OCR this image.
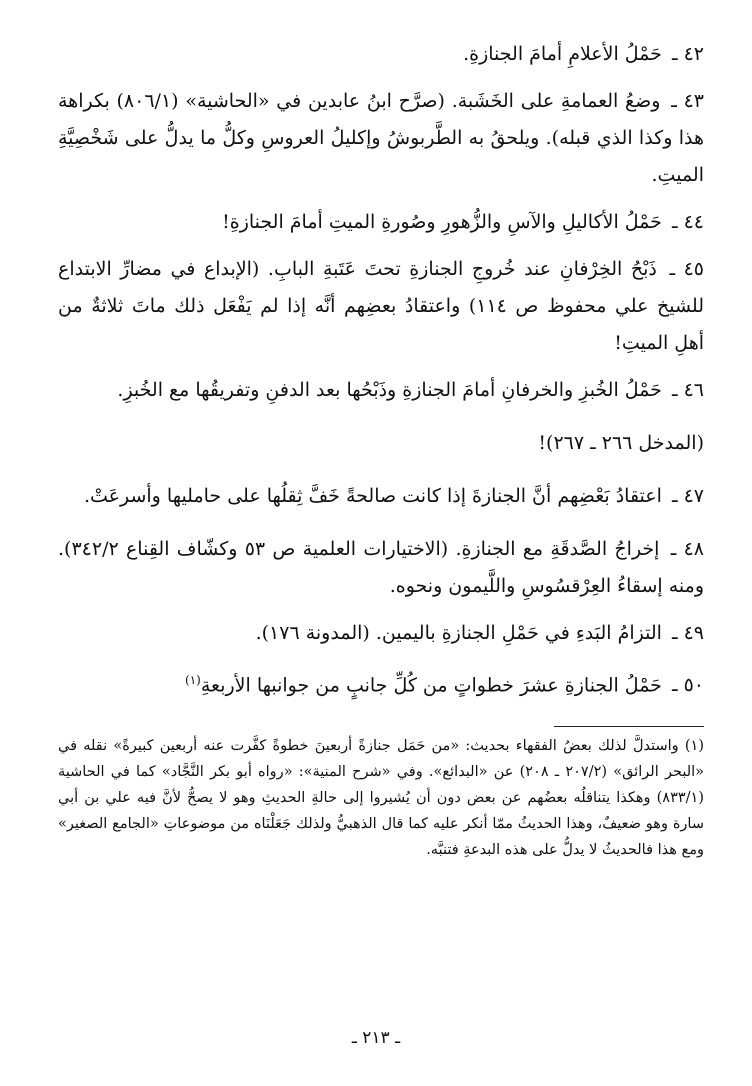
٤٢ ـ حَمْلُ الأعلامِ أمامَ الجنازةِ.

٤٣ ـ وضعُ العمامةِ على الخَشَبة. (صرَّح ابنُ عابدين في «الحاشية» (٨٠٦/١) بكراهة هذا وكذا الذي قبله). ويلحقُ به الطَّربوشُ وإكليلُ العروسِ وكلُّ ما يدلُّ على شَخْصِيَّةِ الميتِ.

٤٤ ـ حَمْلُ الأكاليلِ والآسِ والزُّهورِ وصُورةِ الميتِ أمامَ الجنازةِ!

٤٥ ـ ذَبْحُ الخِرْفانِ عند خُروجِ الجنازةِ تحتَ عَتَبةِ البابِ. (الإبداع في مضارِّ الابتداع للشيخ علي محفوظ ص ١١٤) واعتقادُ بعضِهم أنَّه إذا لم يَفْعَل ذلك ماتَ ثلاثةٌ من أهلِ الميتِ!

٤٦ ـ حَمْلُ الخُبزِ والخرفانِ أمامَ الجنازةِ وذَبْحُها بعد الدفنِ وتفريقُها مع الخُبزِ.

(المدخل ٢٦٦ ـ ٢٦٧)!

٤٧ ـ اعتقادُ بَعْضِهم أنَّ الجنازةَ إذا كانت صالحةً خَفَّ ثِقلُها على حامليها وأسرعَتْ.

٤٨ ـ إخراجُ الصَّدقَةِ مع الجنازةِ. (الاختيارات العلمية ص ٥٣ وكشّاف القِناع ٣٤٢/٢). ومنه إسقاءُ العِرْقسُوسِ واللَّيمون ونحوه.

٤٩ ـ التزامُ البَدءِ في حَمْلِ الجنازةِ باليمين. (المدونة ١٧٦).

٥٠ ـ حَمْلُ الجنازةِ عشرَ خطواتٍ من كُلِّ جانبٍ من جوانبها الأربعةِ$^{(١)}$

(١) واستدلَّ لذلك بعضُ الفقهاء بحديث: «من حَمَل جنازةً أربعينَ خطوةً كفَّرت عنه أربعين كبيرةً» نقله في «البحر الرائق» (٢٠٧/٢ ـ ٢٠٨) عن «البدائع». وفي «شرح المنية»: «رواه أبو بكر النَّجَّاد» كما في الحاشية (٨٣٣/١) وهكذا يتناقلُه بعضُهم عن بعض دون أن يُشيروا إلى حالةِ الحديثِ وهو لا يصحُّ لأنَّ فيه علي بن أبي سارة وهو ضعيفٌ، وهذا الحديثُ ممّا أنكر عليه كما قال الذهبيُّ ولذلك جَعَلْنَاه من موضوعاتِ «الجامع الصغير» ومع هذا فالحديثُ لا يدلُّ على هذه البدعةِ فتنبَّه.

ـ ٢١٣ ـ
